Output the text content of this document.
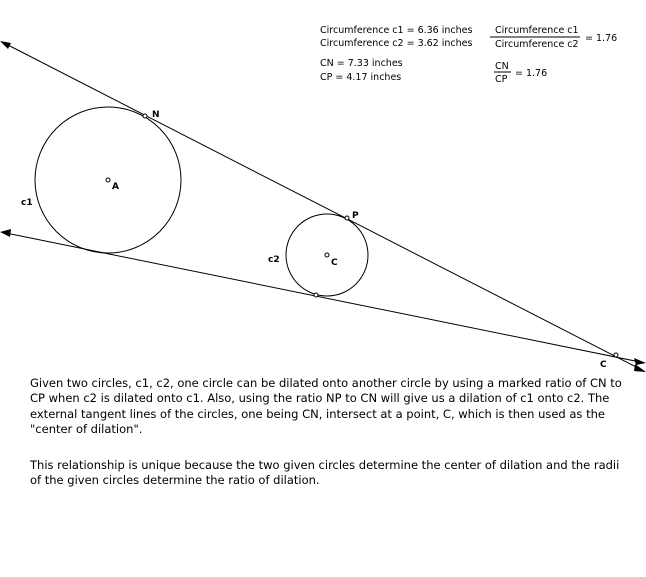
N
A
c1
P
c2	C
C
Circumference c1 = 6.36 inches
Circumference c2 = 3.62 inches
CN = 7.33 inches
CP = 4.17 inches
Circumference c1
Circumference c2
= 1.76
CN
CP
= 1.76

Given two circles, c1, c2, one circle can be dilated onto another circle by using a marked ratio of CN to CP when c2 is dilated onto c1. Also, using the ratio NP to CN will give us a dilation of c1 onto c2. The external tangent lines of the circles, one being CN, intersect at a point, C, which is then used as the "center of dilation".

This relationship is unique because the two given circles determine the center of dilation and the radii of the given circles determine the ratio of dilation.
